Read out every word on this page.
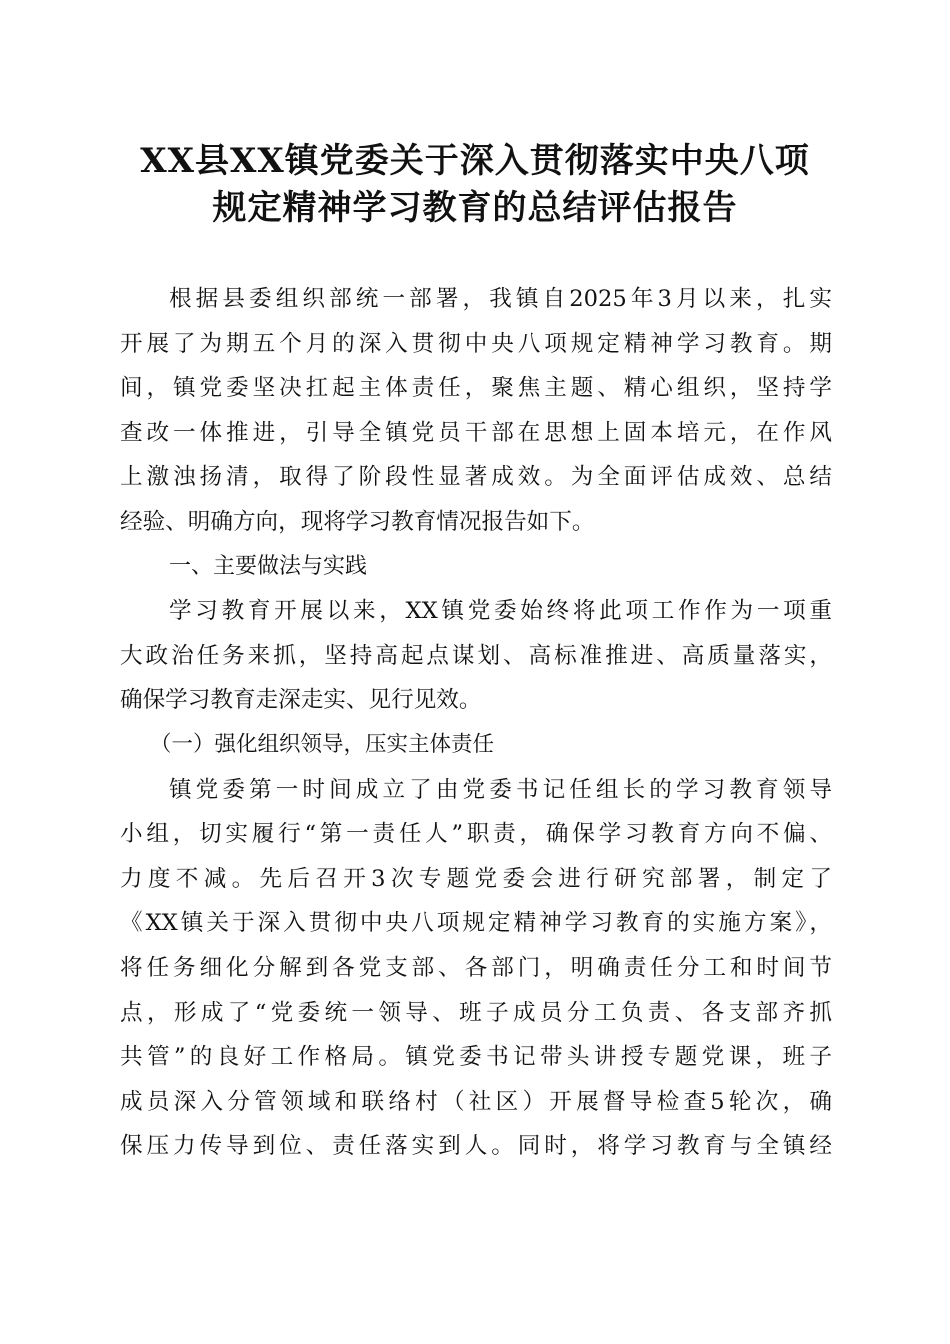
XX县XX镇党委关于深入贯彻落实中央八项
规定精神学习教育的总结评估报告
根据县委组织部统一部署，我镇自2025年3月以来，扎实
开展了为期五个月的深入贯彻中央八项规定精神学习教育。期
间，镇党委坚决扛起主体责任，聚焦主题、精心组织，坚持学
查改一体推进，引导全镇党员干部在思想上固本培元，在作风
上激浊扬清，取得了阶段性显著成效。为全面评估成效、总结
经验、明确方向，现将学习教育情况报告如下。
一、主要做法与实践
学习教育开展以来，XX镇党委始终将此项工作作为一项重
大政治任务来抓，坚持高起点谋划、高标准推进、高质量落实，
确保学习教育走深走实、见行见效。
（一）强化组织领导，压实主体责任
镇党委第一时间成立了由党委书记任组长的学习教育领导
小组，切实履行“第一责任人”职责，确保学习教育方向不偏、
力度不减。先后召开3次专题党委会进行研究部署，制定了
《XX镇关于深入贯彻中央八项规定精神学习教育的实施方案》，
将任务细化分解到各党支部、各部门，明确责任分工和时间节
点，形成了“党委统一领导、班子成员分工负责、各支部齐抓
共管”的良好工作格局。镇党委书记带头讲授专题党课，班子
成员深入分管领域和联络村（社区）开展督导检查5轮次，确
保压力传导到位、责任落实到人。同时，将学习教育与全镇经
